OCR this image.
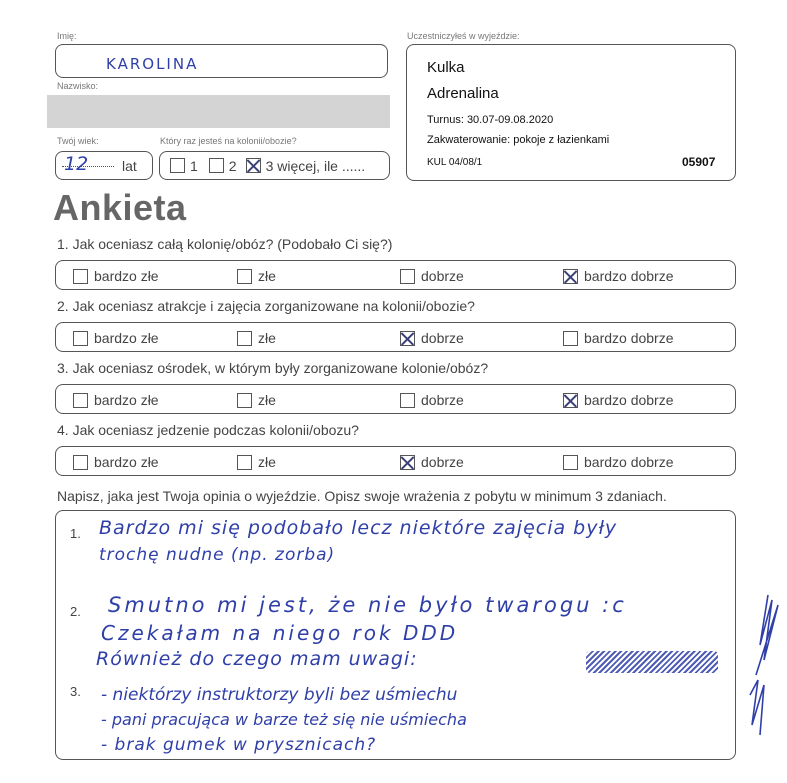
Imię:
KAROLINA
Nazwisko:
Twój wiek:
12 lat
Który raz jesteś na kolonii/obozie?
1 2 3 więcej, ile ......
Uczestniczyłeś w wyjeździe:
Kulka
Adrenalina
Turnus: 30.07-09.08.2020
Zakwaterowanie: pokoje z łazienkami
KUL 04/08/1	05907
Ankieta
1. Jak oceniasz całą kolonię/obóz? (Podobało Ci się?)
bardzo złe	złe	dobrze	bardzo dobrze
2. Jak oceniasz atrakcje i zajęcia zorganizowane na kolonii/obozie?
bardzo złe	złe	dobrze	bardzo dobrze
3. Jak oceniasz ośrodek, w którym były zorganizowane kolonie/obóz?
bardzo złe	złe	dobrze	bardzo dobrze
4. Jak oceniasz jedzenie podczas kolonii/obozu?
bardzo złe	złe	dobrze	bardzo dobrze
Napisz, jaka jest Twoja opinia o wyjeździe. Opisz swoje wrażenia z pobytu w minimum 3 zdaniach.
1. Bardzo mi się podobało lecz niektóre zajęcia były
trochę nudne (np. zorba)
2. Smutno mi jest, że nie było twarogu :c
Czekałam na niego rok DDD
Również do czego mam uwagi:
3. - niektórzy instruktorzy byli bez uśmiechu
- pani pracująca w barze też się nie uśmiecha
- brak gumek w prysznicach?
